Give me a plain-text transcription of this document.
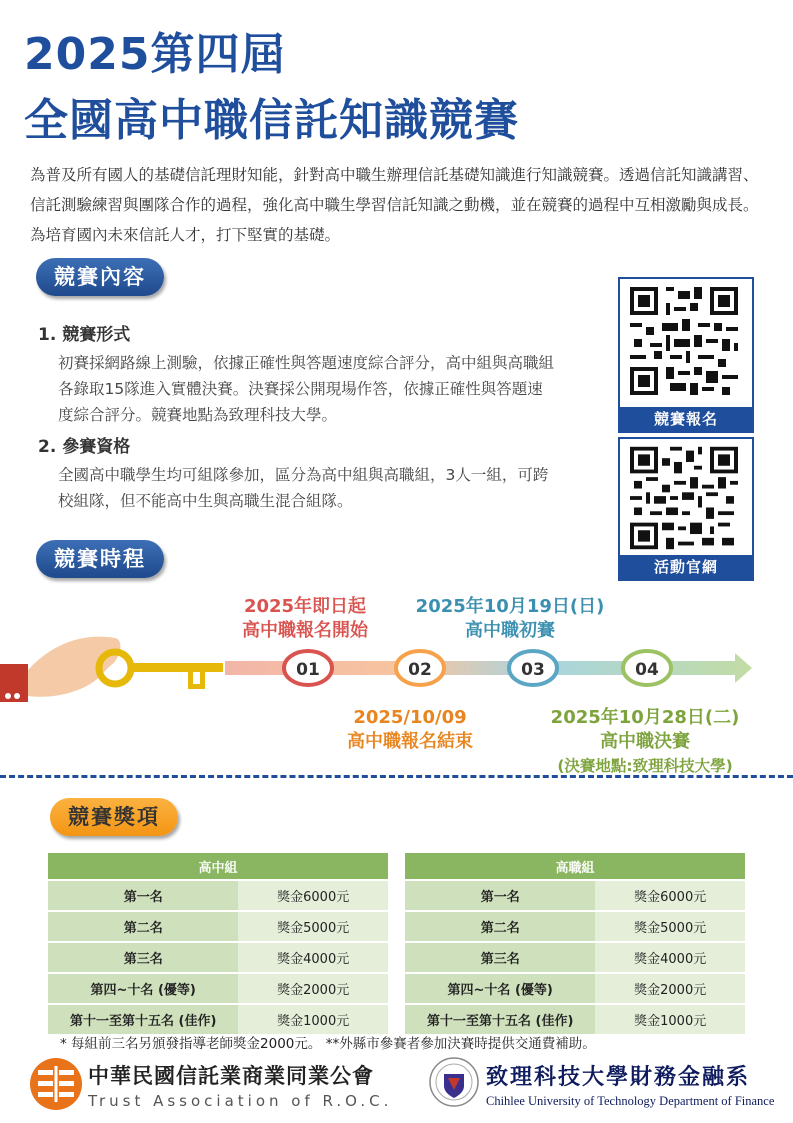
2025第四屆
全國高中職信託知識競賽

為普及所有國人的基礎信託理財知能，針對高中職生辦理信託基礎知識進行知識競賽。透過信託知識講習、信託測驗練習與團隊合作的過程，強化高中職生學習信託知識之動機，並在競賽的過程中互相激勵與成長。為培育國內未來信託人才，打下堅實的基礎。

競賽內容
1. 競賽形式

初賽採網路線上測驗，依據正確性與答題速度綜合評分，高中組與高職組各錄取15隊進入實體決賽。決賽採公開現場作答，依據正確性與答題速度綜合評分。競賽地點為致理科技大學。

2. 參賽資格

全國高中職學生均可組隊參加，區分為高中組與高職組，3人一組，可跨校組隊，但不能高中生與高職生混合組隊。

競賽報名
活動官網
競賽時程
2025年即日起
高中職報名開始
2025年10月19日(日)
高中職初賽
01	02	03	04
2025/10/09
高中職報名結束
2025年10月28日(二)
高中職決賽
(決賽地點:致理科技大學)
競賽獎項
高中組	
第一名	獎金6000元
第二名	獎金5000元
第三名	獎金4000元
第四~十名 (優等)	獎金2000元
第十一至第十五名 (佳作)	獎金1000元
高職組	
第一名	獎金6000元
第二名	獎金5000元
第三名	獎金4000元
第四~十名 (優等)	獎金2000元
第十一至第十五名 (佳作)	獎金1000元

* 每組前三名另頒發指導老師獎金2000元。 **外縣市參賽者參加決賽時提供交通費補助。

中華民國信託業商業同業公會
Trust Association of R.O.C.
致理科技大學財務金融系
Chihlee University of Technology Department of Finance
